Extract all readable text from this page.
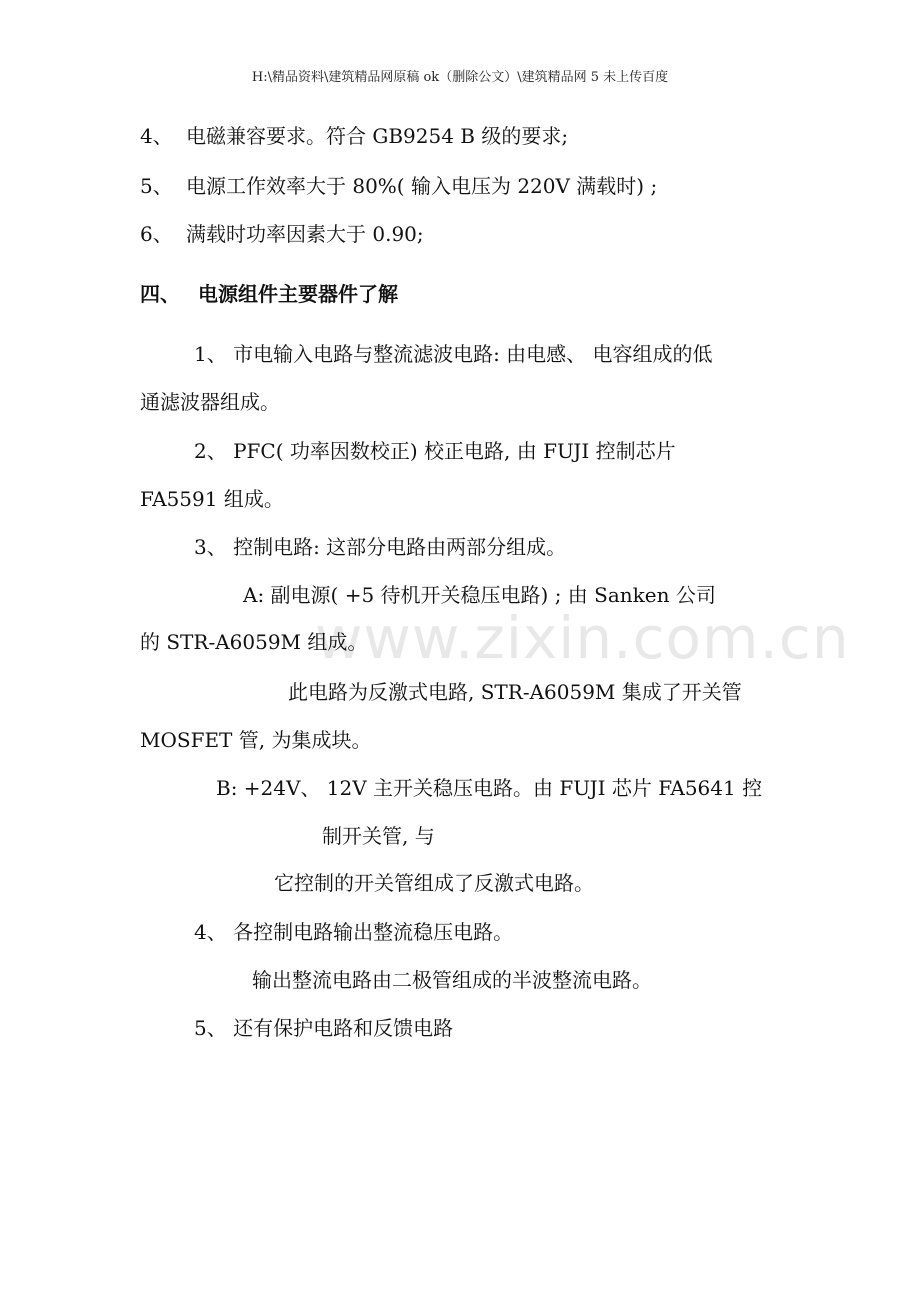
H:\精品资料\建筑精品网原稿 ok（删除公文）\建筑精品网 5 未上传百度
www.zixin.com.cn
4、 电磁兼容要求。符合 GB9254 B 级的要求;
5、 电源工作效率大于 80%( 输入电压为 220V 满载时) ;
6、 满载时功率因素大于 0.90;
四、 电源组件主要器件了解
1、 市电输入电路与整流滤波电路: 由电感、 电容组成的低
通滤波器组成。
2、 PFC( 功率因数校正) 校正电路, 由 FUJI 控制芯片
FA5591 组成。
3、 控制电路: 这部分电路由两部分组成。
A: 副电源( +5 待机开关稳压电路) ; 由 Sanken 公司
的 STR-A6059M 组成。
此电路为反激式电路, STR-A6059M 集成了开关管
MOSFET 管, 为集成块。
B: +24V、 12V 主开关稳压电路。由 FUJI 芯片 FA5641 控
制开关管, 与
它控制的开关管组成了反激式电路。
4、 各控制电路输出整流稳压电路。
输出整流电路由二极管组成的半波整流电路。
5、 还有保护电路和反馈电路
